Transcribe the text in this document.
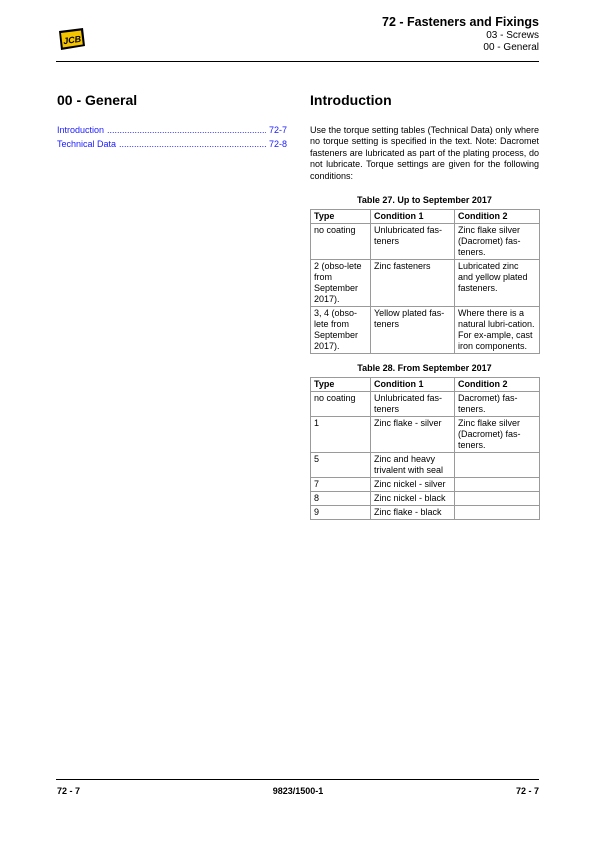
JCB
72 - Fasteners and Fixings
03 - Screws
00 - General
00 - General
Introduction .....	72-7
Technical Data .....	72-8
Introduction

Use the torque setting tables (Technical Data) only where no torque setting is specified in the text. Note: Dacromet fasteners are lubricated as part of the plating process, do not lubricate. Torque settings are given for the following conditions:

Table 27. Up to September 2017
Type	Condition 1	Condition 2
no coating	Unlubricated fas-teners	Zinc flake silver (Dacromet) fas-teners.
2 (obso-lete from September 2017).	Zinc fasteners	Lubricated zinc and yellow plated fasteners.
3, 4 (obso-lete from September 2017).	Yellow plated fas-teners	Where there is a natural lubri-cation. For ex-ample, cast iron components.
Table 28. From September 2017
Type	Condition 1	Condition 2
no coating	Unlubricated fas-teners	Dacromet) fas-teners.
1	Zinc flake - silver	Zinc flake silver (Dacromet) fas-teners.
5	Zinc and heavy trivalent with seal	
7	Zinc nickel - silver	
8	Zinc nickel - black	
9	Zinc flake - black	
72 - 7	9823/1500-1	72 - 7
